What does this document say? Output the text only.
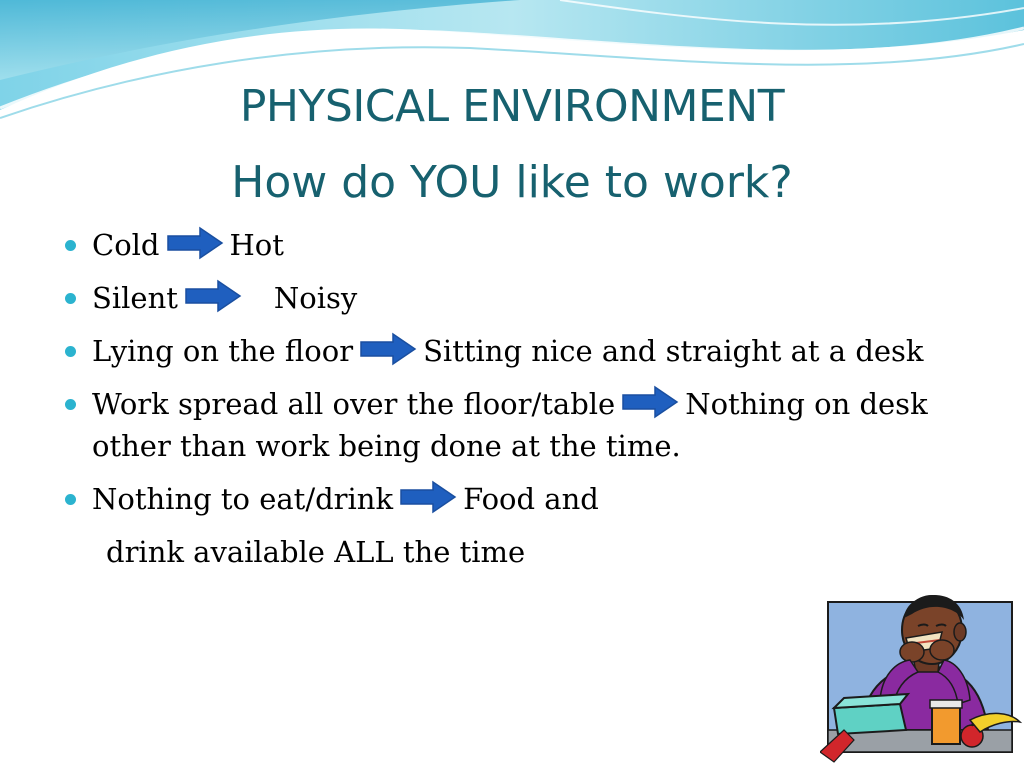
PHYSICAL ENVIRONMENT
How do YOU like to work?
Cold Hot
Silent	Noisy
Lying on the floor Sitting nice and straight at a desk
Work spread all over the floor/table Nothing on desk other than work being done at the time.
Nothing to eat/drink Food and
drink available ALL the time
